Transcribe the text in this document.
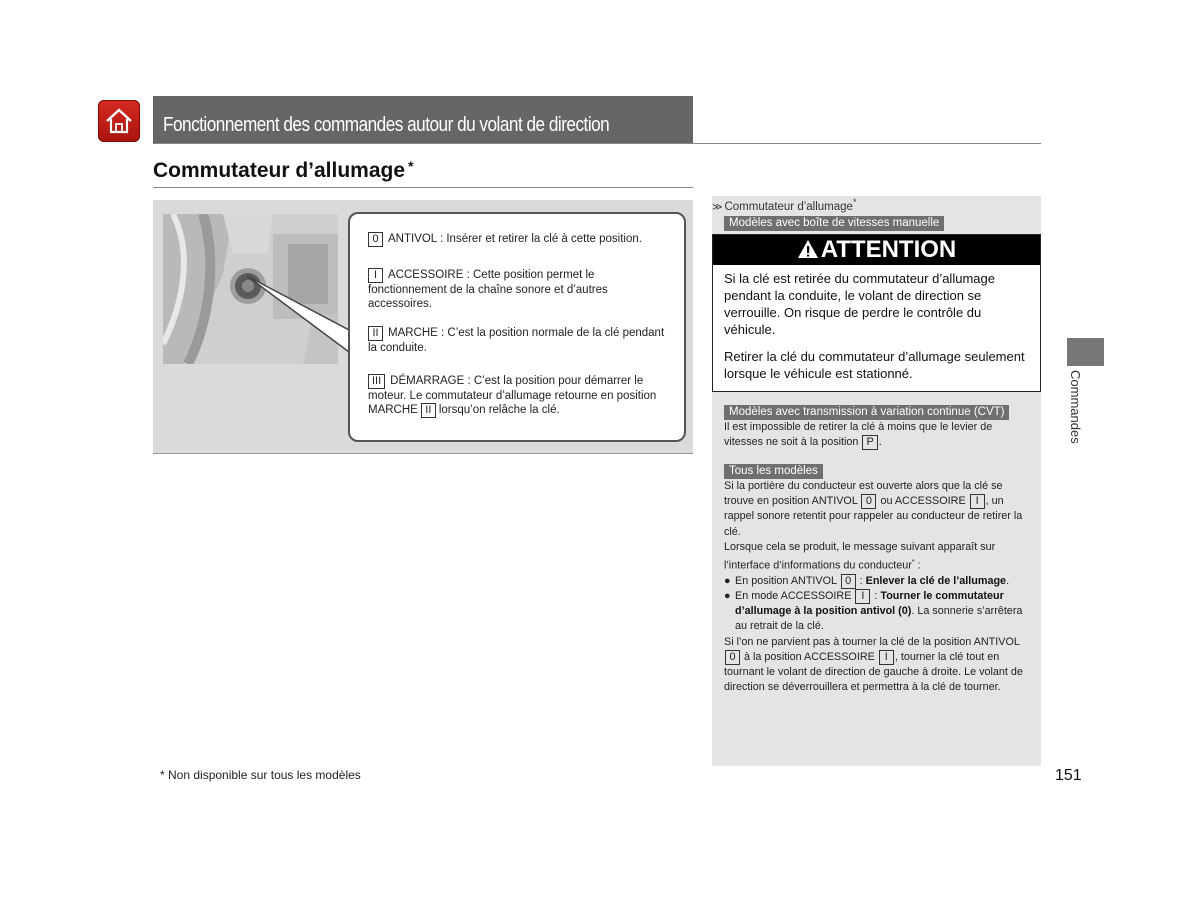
Fonctionnement des commandes autour du volant de direction
Commutateur d’allumage *
0 ANTIVOL : Insérer et retirer la clé à cette position.
I ACCESSOIRE : Cette position permet le fonctionnement de la chaîne sonore et d’autres accessoires.
II MARCHE : C’est la position normale de la clé pendant la conduite.
III DÉMARRAGE : C’est la position pour démarrer le moteur. Le commutateur d’allumage retourne en position MARCHE II lorsqu’on relâche la clé.
≫ Commutateur d’allumage*
Modèles avec boîte de vitesses manuelle
ATTENTION

Si la clé est retirée du commutateur d’allumage pendant la conduite, le volant de direction se verrouille. On risque de perdre le contrôle du véhicule.

Retirer la clé du commutateur d’allumage seulement lorsque le véhicule est stationné.

Modèles avec transmission à variation continue (CVT)
Il est impossible de retirer la clé à moins que le levier de vitesses ne soit à la position P .
Tous les modèles
Si la portière du conducteur est ouverte alors que la clé se trouve en position ANTIVOL 0 ou ACCESSOIRE I , un rappel sonore retentit pour rappeler au conducteur de retirer la clé.
Lorsque cela se produit, le message suivant apparaît sur l’interface d’informations du conducteur* :
● En position ANTIVOL 0 : Enlever la clé de l’allumage.
● En mode ACCESSOIRE I : Tourner le commutateur d’allumage à la position antivol (0). La sonnerie s’arrêtera au retrait de la clé.
Si l’on ne parvient pas à tourner la clé de la position ANTIVOL 0 à la position ACCESSOIRE I , tourner la clé tout en tournant le volant de direction de gauche à droite. Le volant de direction se déverrouillera et permettra à la clé de tourner.
Commandes
* Non disponible sur tous les modèles	151
